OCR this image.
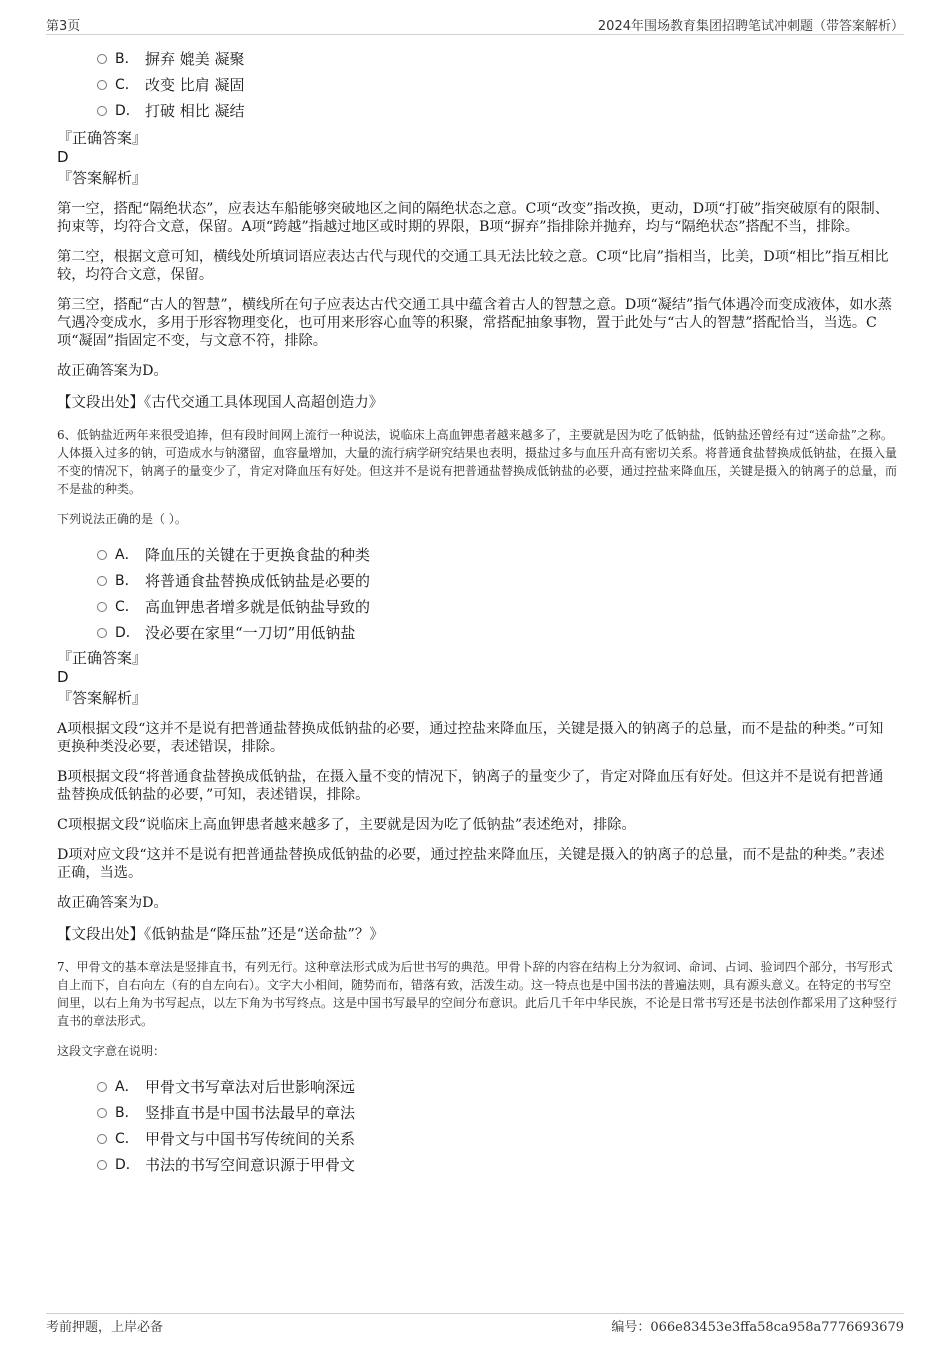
第3页	2024年围场教育集团招聘笔试冲刺题（带答案解析）
B． 摒弃 媲美 凝聚
C． 改变 比肩 凝固
D． 打破 相比 凝结
『正确答案』
D
『答案解析』
第一空，搭配“隔绝状态”，应表达车船能够突破地区之间的隔绝状态之意。C项“改变”指改换，更动，D项“打破”指突破原有的限制、拘束等，均符合文意，保留。A项“跨越”指越过地区或时期的界限，B项“摒弃”指排除并抛弃，均与“隔绝状态”搭配不当，排除。
第二空，根据文意可知，横线处所填词语应表达古代与现代的交通工具无法比较之意。C项“比肩”指相当，比美，D项“相比”指互相比较，均符合文意，保留。
第三空，搭配“古人的智慧”，横线所在句子应表达古代交通工具中蕴含着古人的智慧之意。D项“凝结”指气体遇冷而变成液体，如水蒸气遇冷变成水，多用于形容物理变化，也可用来形容心血等的积聚，常搭配抽象事物，置于此处与“古人的智慧”搭配恰当，当选。C项“凝固”指固定不变，与文意不符，排除。
故正确答案为D。
【文段出处】《古代交通工具体现国人高超创造力》
6、低钠盐近两年来很受追捧，但有段时间网上流行一种说法，说临床上高血钾患者越来越多了，主要就是因为吃了低钠盐，低钠盐还曾经有过“送命盐”之称。人体摄入过多的钠，可造成水与钠潴留，血容量增加，大量的流行病学研究结果也表明，摄盐过多与血压升高有密切关系。将普通食盐替换成低钠盐，在摄入量不变的情况下，钠离子的量变少了，肯定对降血压有好处。但这并不是说有把普通盐替换成低钠盐的必要，通过控盐来降血压，关键是摄入的钠离子的总量，而不是盐的种类。
下列说法正确的是（ ）。
A． 降血压的关键在于更换食盐的种类
B． 将普通食盐替换成低钠盐是必要的
C． 高血钾患者增多就是低钠盐导致的
D． 没必要在家里“一刀切”用低钠盐
『正确答案』
D
『答案解析』
A项根据文段“这并不是说有把普通盐替换成低钠盐的必要，通过控盐来降血压，关键是摄入的钠离子的总量，而不是盐的种类。”可知更换种类没必要，表述错误，排除。
B项根据文段“将普通食盐替换成低钠盐，在摄入量不变的情况下，钠离子的量变少了，肯定对降血压有好处。但这并不是说有把普通盐替换成低钠盐的必要，”可知，表述错误，排除。
C项根据文段“说临床上高血钾患者越来越多了，主要就是因为吃了低钠盐”表述绝对，排除。
D项对应文段“这并不是说有把普通盐替换成低钠盐的必要，通过控盐来降血压，关键是摄入的钠离子的总量，而不是盐的种类。”表述正确，当选。
故正确答案为D。
【文段出处】《低钠盐是“降压盐”还是“送命盐”？》
7、甲骨文的基本章法是竖排直书，有列无行。这种章法形式成为后世书写的典范。甲骨卜辞的内容在结构上分为叙词、命词、占词、验词四个部分，书写形式自上而下，自右向左（有的自左向右）。文字大小相间，随势而布，错落有致，活泼生动。这一特点也是中国书法的普遍法则，具有源头意义。在特定的书写空间里，以右上角为书写起点，以左下角为书写终点。这是中国书写最早的空间分布意识。此后几千年中华民族，不论是日常书写还是书法创作都采用了这种竖行直书的章法形式。
这段文字意在说明：
A． 甲骨文书写章法对后世影响深远
B． 竖排直书是中国书法最早的章法
C． 甲骨文与中国书写传统间的关系
D． 书法的书写空间意识源于甲骨文
考前押题，上岸必备	编号：066e83453e3ffa58ca958a7776693679
